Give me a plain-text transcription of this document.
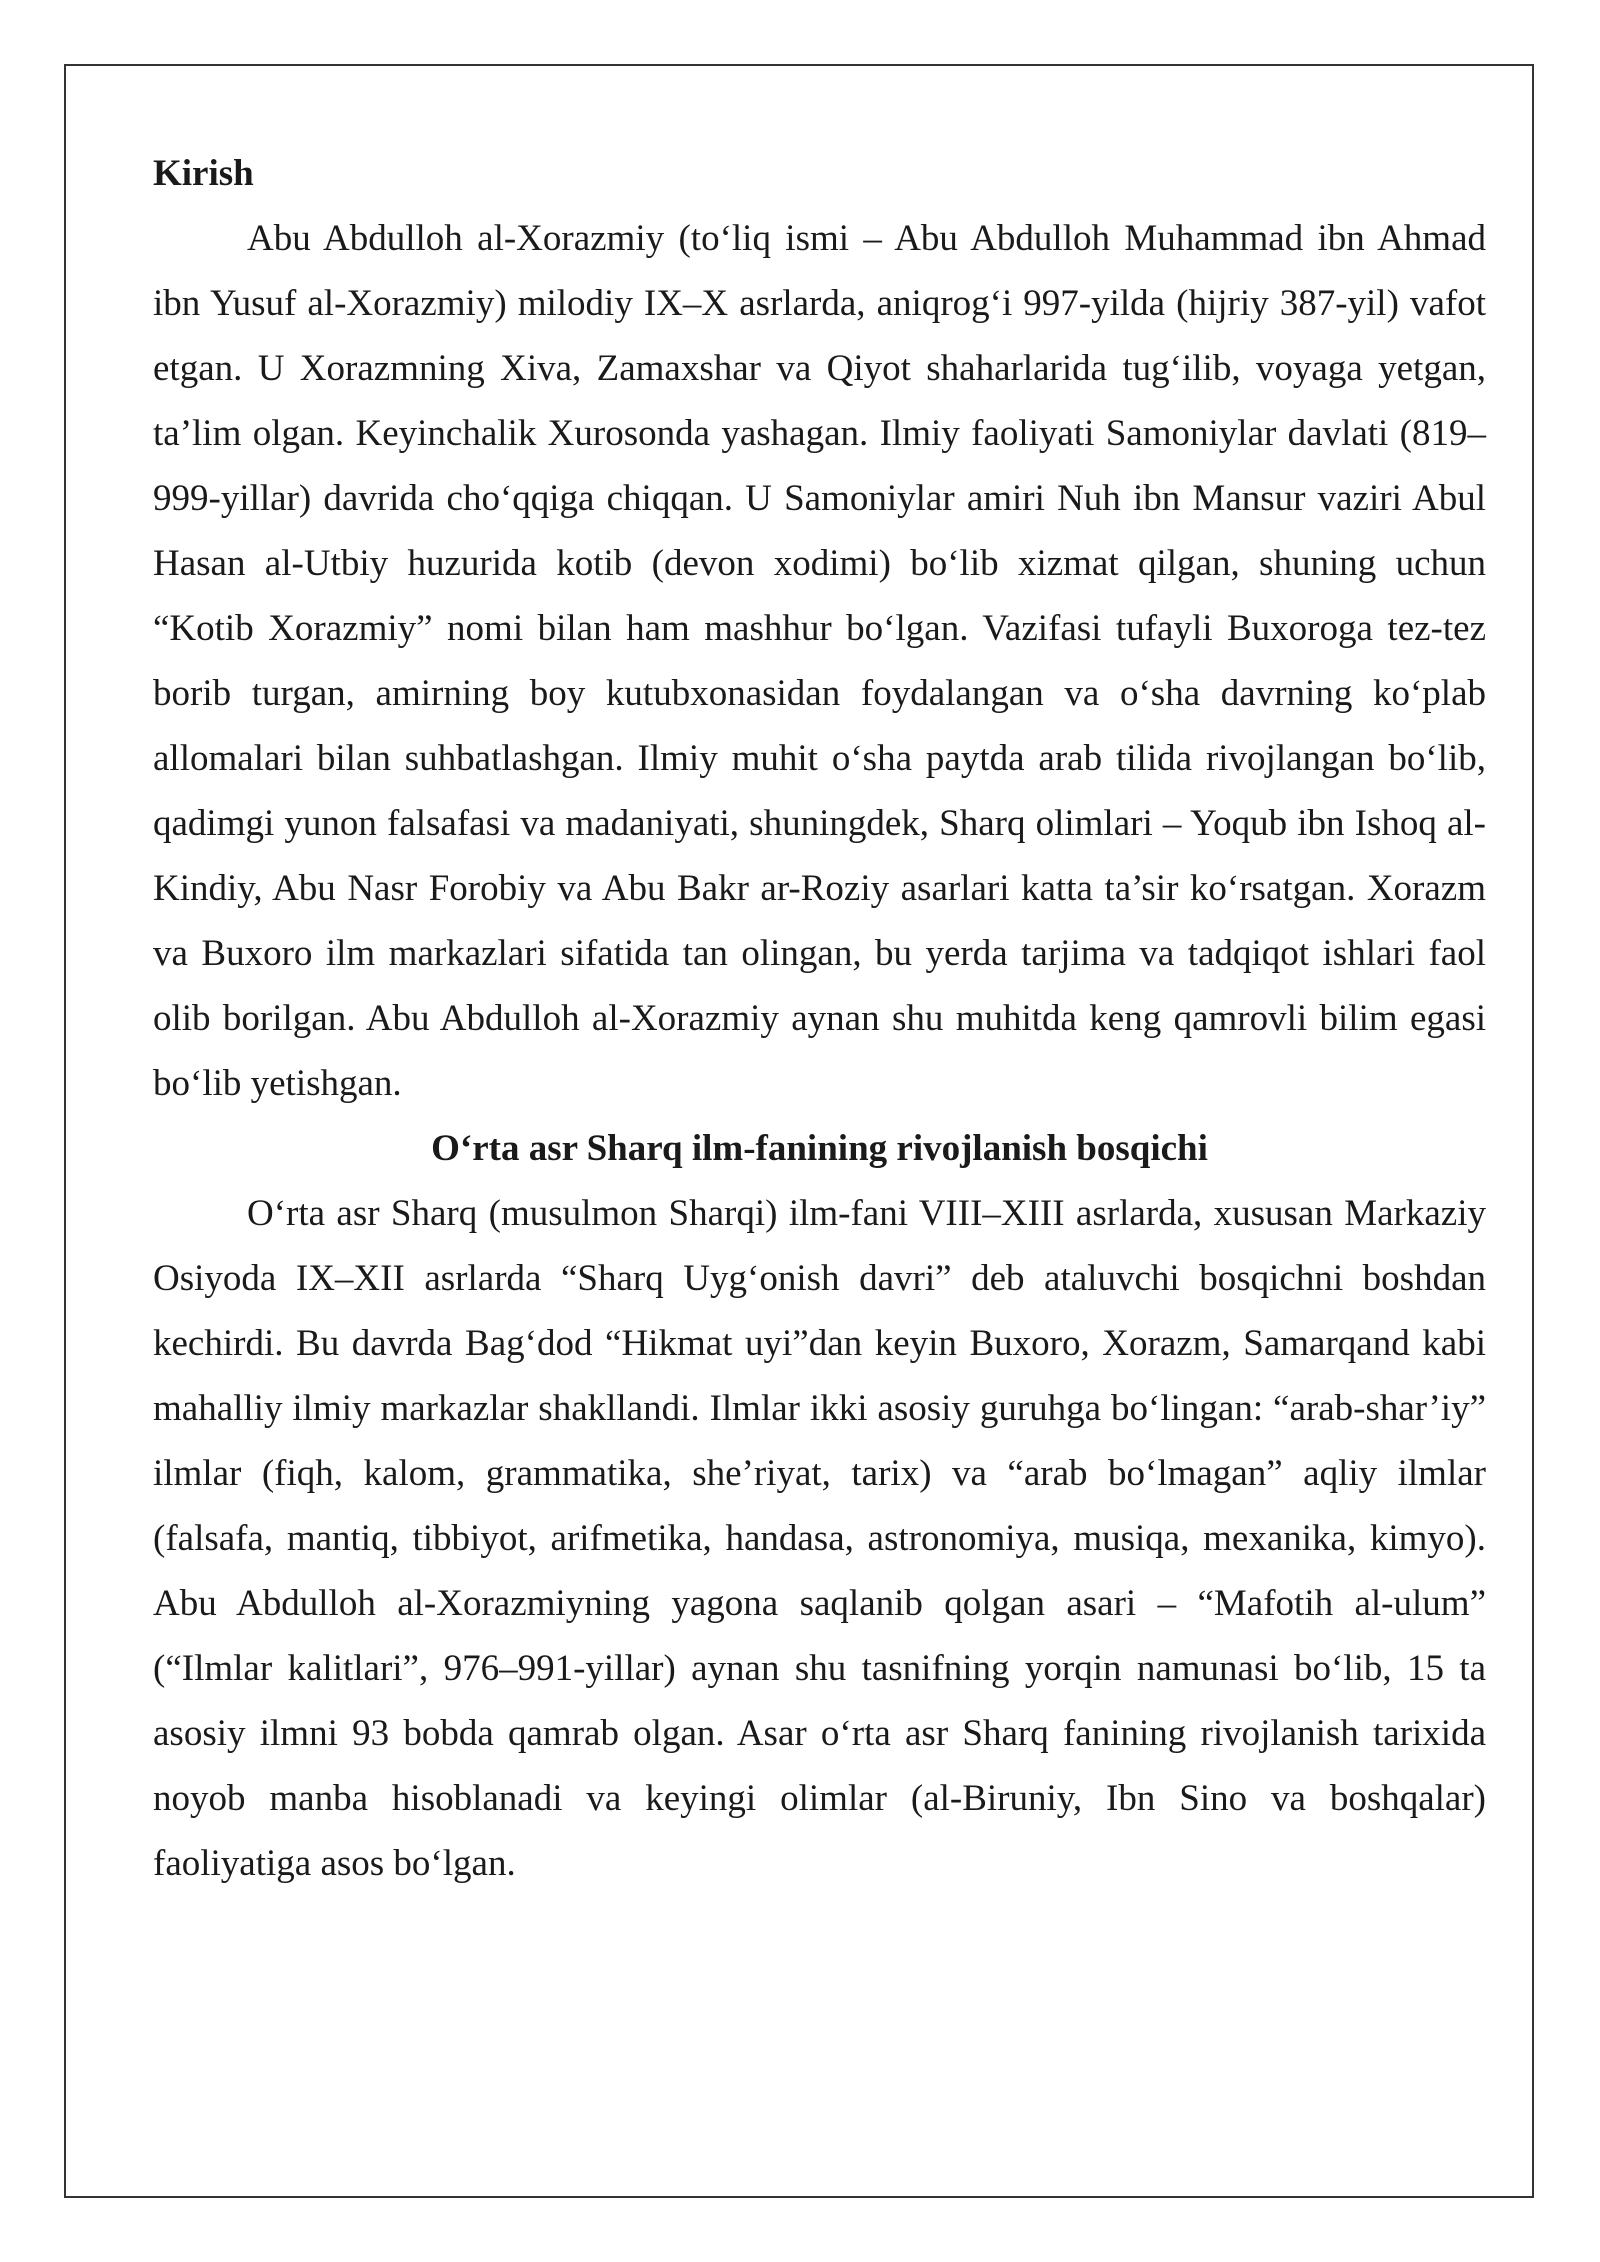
Kirish

Abu Abdulloh al-Xorazmiy (to‘liq ismi – Abu Abdulloh Muhammad ibn Ahmad ibn Yusuf al-Xorazmiy) milodiy IX–X asrlarda, aniqrog‘i 997-yilda (hijriy 387-yil) vafot etgan. U Xorazmning Xiva, Zamaxshar va Qiyot shaharlarida tug‘ilib, voyaga yetgan, ta’lim olgan. Keyinchalik Xurosonda yashagan. Ilmiy faoliyati Samoniylar davlati (819–999-yillar) davrida cho‘qqiga chiqqan. U Samoniylar amiri Nuh ibn Mansur vaziri Abul Hasan al-Utbiy huzurida kotib (devon xodimi) bo‘lib xizmat qilgan, shuning uchun “Kotib Xorazmiy” nomi bilan ham mashhur bo‘lgan. Vazifasi tufayli Buxoroga tez-tez borib turgan, amirning boy kutubxonasidan foydalangan va o‘sha davrning ko‘plab allomalari bilan suhbatlashgan. Ilmiy muhit o‘sha paytda arab tilida rivojlangan bo‘lib, qadimgi yunon falsafasi va madaniyati, shuningdek, Sharq olimlari – Yoqub ibn Ishoq al-Kindiy, Abu Nasr Forobiy va Abu Bakr ar-Roziy asarlari katta ta’sir ko‘rsatgan. Xorazm va Buxoro ilm markazlari sifatida tan olingan, bu yerda tarjima va tadqiqot ishlari faol olib borilgan. Abu Abdulloh al-Xorazmiy aynan shu muhitda keng qamrovli bilim egasi bo‘lib yetishgan.

O‘rta asr Sharq ilm-fanining rivojlanish bosqichi

O‘rta asr Sharq (musulmon Sharqi) ilm-fani VIII–XIII asrlarda, xususan Markaziy Osiyoda IX–XII asrlarda “Sharq Uyg‘onish davri” deb ataluvchi bosqichni boshdan kechirdi. Bu davrda Bag‘dod “Hikmat uyi”dan keyin Buxoro, Xorazm, Samarqand kabi mahalliy ilmiy markazlar shakllandi. Ilmlar ikki asosiy guruhga bo‘lingan: “arab-shar’iy” ilmlar (fiqh, kalom, grammatika, she’riyat, tarix) va “arab bo‘lmagan” aqliy ilmlar (falsafa, mantiq, tibbiyot, arifmetika, handasa, astronomiya, musiqa, mexanika, kimyo). Abu Abdulloh al-Xorazmiyning yagona saqlanib qolgan asari – “Mafotih al-ulum” (“Ilmlar kalitlari”, 976–991-yillar) aynan shu tasnifning yorqin namunasi bo‘lib, 15 ta asosiy ilmni 93 bobda qamrab olgan. Asar o‘rta asr Sharq fanining rivojlanish tarixida noyob manba hisoblanadi va keyingi olimlar (al-Biruniy, Ibn Sino va boshqalar) faoliyatiga asos bo‘lgan.
